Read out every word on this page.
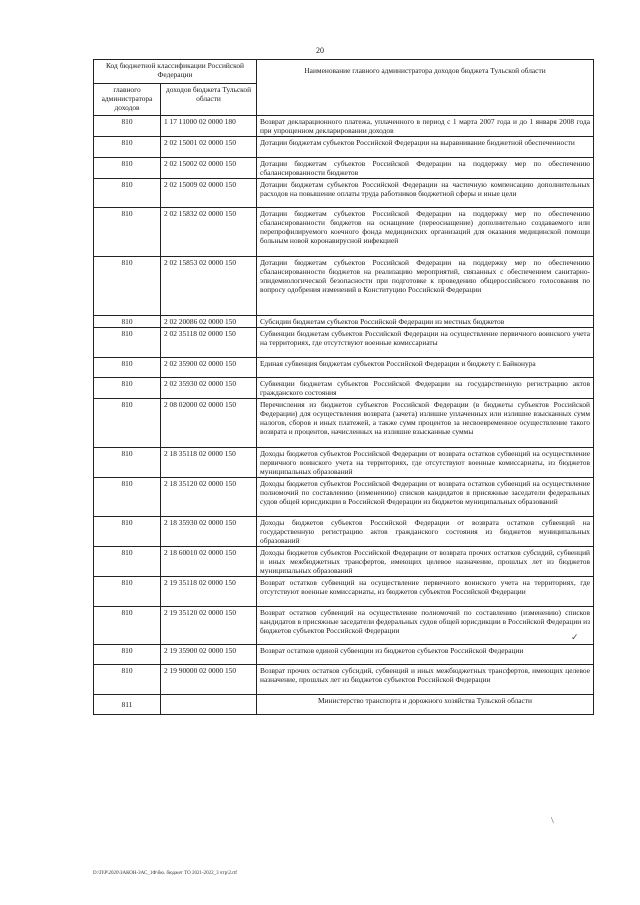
20
Код бюджетной классификации Российской Федерации		Наименование главного администратора доходов бюджета Тульской области
главного администратора доходов	доходов бюджета Тульской области	
810	1 17 11000 02 0000 180	Возврат декларационного платежа, уплаченного в период с 1 марта 2007 года и до 1 января 2008 года при упрощенном декларировании доходов
810	2 02 15001 02 0000 150	Дотации бюджетам субъектов Российской Федерации на выравнивание бюджетной обеспеченности
810	2 02 15002 02 0000 150	Дотации бюджетам субъектов Российской Федерации на поддержку мер по обеспечению сбалансированности бюджетов
810	2 02 15009 02 0000 150	Дотации бюджетам субъектов Российской Федерации на частичную компенсацию дополнительных расходов на повышение оплаты труда работников бюджетной сферы и иные цели
810	2 02 15832 02 0000 150	Дотации бюджетам субъектов Российской Федерации на поддержку мер по обеспечению сбалансированности бюджетов на оснащение (переоснащение) дополнительно создаваемого или перепрофилируемого коечного фонда медицинских организаций для оказания медицинской помощи больным новой коронавирусной инфекцией
810	2 02 15853 02 0000 150	Дотации бюджетам субъектов Российской Федерации на поддержку мер по обеспечению сбалансированности бюджетов на реализацию мероприятий, связанных с обеспечением санитарно-эпидемиологической безопасности при подготовке к проведению общероссийского голосования по вопросу одобрения изменений в Конституцию Российской Федерации
810	2 02 20086 02 0000 150	Субсидии бюджетам субъектов Российской Федерации из местных бюджетов
810	2 02 35118 02 0000 150	Субвенции бюджетам субъектов Российской Федерации на осуществление первичного воинского учета на территориях, где отсутствуют военные комиссариаты
810	2 02 35900 02 0000 150	Единая субвенция бюджетам субъектов Российской Федерации и бюджету г. Байконура
810	2 02 35930 02 0000 150	Субвенции бюджетам субъектов Российской Федерации на государственную регистрацию актов гражданского состояния
810	2 08 02000 02 0000 150	Перечисления из бюджетов субъектов Российской Федерации (в бюджеты субъектов Российской Федерации) для осуществления возврата (зачета) излишне уплаченных или излишне взысканных сумм налогов, сборов и иных платежей, а также сумм процентов за несвоевременное осуществление такого возврата и процентов, начисленных на излишне взысканные суммы
810	2 18 35118 02 0000 150	Доходы бюджетов субъектов Российской Федерации от возврата остатков субвенций на осуществление первичного воинского учета на территориях, где отсутствуют военные комиссариаты, из бюджетов муниципальных образований
810	2 18 35120 02 0000 150	Доходы бюджетов субъектов Российской Федерации от возврата остатков субвенций на осуществление полномочий по составлению (изменению) списков кандидатов в присяжные заседатели федеральных судов общей юрисдикции в Российской Федерации из бюджетов муниципальных образований
810	2 18 35930 02 0000 150	Доходы бюджетов субъектов Российской Федерации от возврата остатков субвенций на государственную регистрацию актов гражданского состояния из бюджетов муниципальных образований
810	2 18 60010 02 0000 150	Доходы бюджетов субъектов Российской Федерации от возврата прочих остатков субсидий, субвенций и иных межбюджетных трансфертов, имеющих целевое назначение, прошлых лет из бюджетов муниципальных образований
810	2 19 35118 02 0000 150	Возврат остатков субвенций на осуществление первичного воинского учета на территориях, где отсутствуют военные комиссариаты, из бюджетов субъектов Российской Федерации
810	2 19 35120 02 0000 150	Возврат остатков субвенций на осуществление полномочий по составлению (изменению) списков кандидатов в присяжные заседатели федеральных судов общей юрисдикции в Российской Федерации из бюджетов субъектов Российской Федерации
810	2 19 35900 02 0000 150	Возврат остатков единой субвенции из бюджетов субъектов Российской Федерации
810	2 19 90000 02 0000 150	Возврат прочих остатков субсидий, субвенций и иных межбюджетных трансфертов, имеющих целевое назначение, прошлых лет из бюджетов субъектов Российской Федерации
811		Министерство транспорта и дорожного хозяйства Тульской области
✓
/
D:\П\Р\2020\ЗАКОН-ЗАС_1Ф\бю. бюджет ТО 2021-2022_3 чтр\2.rtf
